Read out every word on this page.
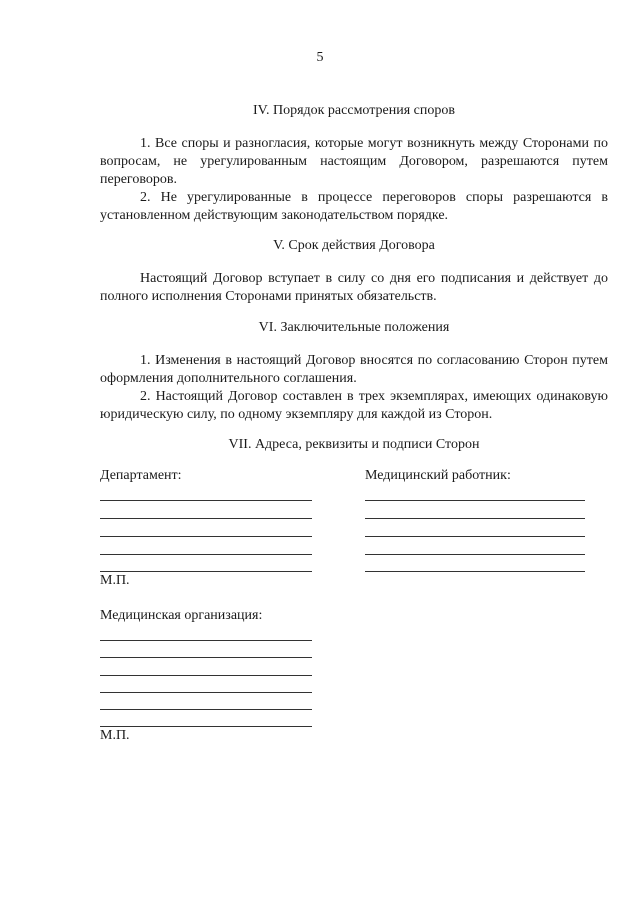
5
IV. Порядок рассмотрения споров

1. Все споры и разногласия, которые могут возникнуть между Сторонами по вопросам, не урегулированным настоящим Договором, разрешаются путем переговоров.

2. Не урегулированные в процессе переговоров споры разрешаются в установленном действующим законодательством порядке.

V. Срок действия Договора

Настоящий Договор вступает в силу со дня его подписания и действует до полного исполнения Сторонами принятых обязательств.

VI. Заключительные положения

1. Изменения в настоящий Договор вносятся по согласованию Сторон путем оформления дополнительного соглашения.

2. Настоящий Договор составлен в трех экземплярах, имеющих одинаковую юридическую силу, по одному экземпляру для каждой из Сторон.

VII. Адреса, реквизиты и подписи Сторон
Департамент:	Медицинский работник:
М.П.
Медицинская организация:
М.П.
